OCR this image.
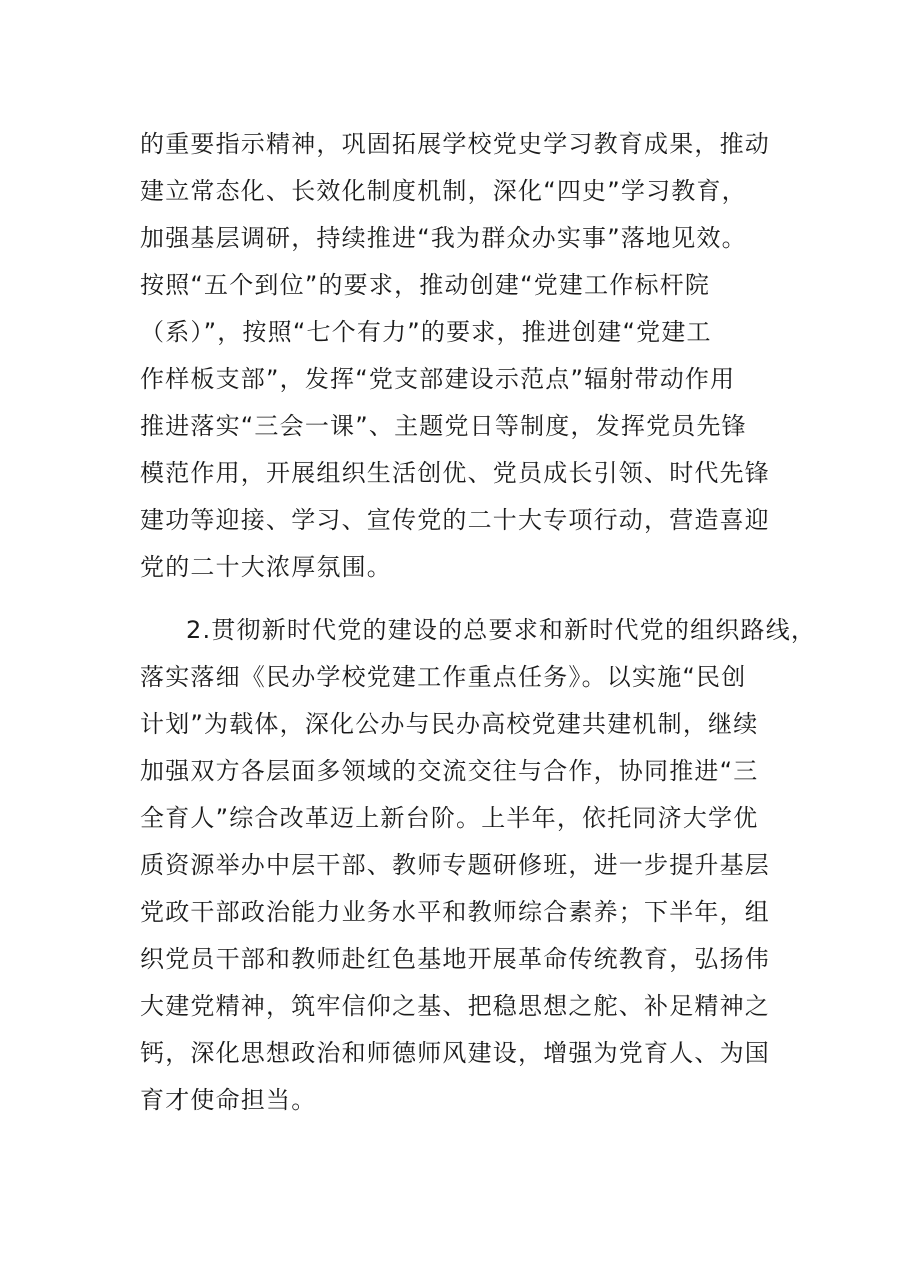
的重要指示精神，巩固拓展学校党史学习教育成果，推动
建立常态化、长效化制度机制，深化“四史”学习教育，
加强基层调研，持续推进“我为群众办实事”落地见效。
按照“五个到位”的要求，推动创建“党建工作标杆院
（系）”，按照“七个有力”的要求，推进创建“党建工
作样板支部”，发挥“党支部建设示范点”辐射带动作用
推进落实“三会一课”、主题党日等制度，发挥党员先锋
模范作用，开展组织生活创优、党员成长引领、时代先锋
建功等迎接、学习、宣传党的二十大专项行动，营造喜迎
党的二十大浓厚氛围。
2.贯彻新时代党的建设的总要求和新时代党的组织路线，
落实落细《民办学校党建工作重点任务》。以实施“民创
计划”为载体，深化公办与民办高校党建共建机制，继续
加强双方各层面多领域的交流交往与合作，协同推进“三
全育人”综合改革迈上新台阶。上半年，依托同济大学优
质资源举办中层干部、教师专题研修班，进一步提升基层
党政干部政治能力业务水平和教师综合素养；下半年，组
织党员干部和教师赴红色基地开展革命传统教育，弘扬伟
大建党精神，筑牢信仰之基、把稳思想之舵、补足精神之
钙，深化思想政治和师德师风建设，增强为党育人、为国
育才使命担当。
